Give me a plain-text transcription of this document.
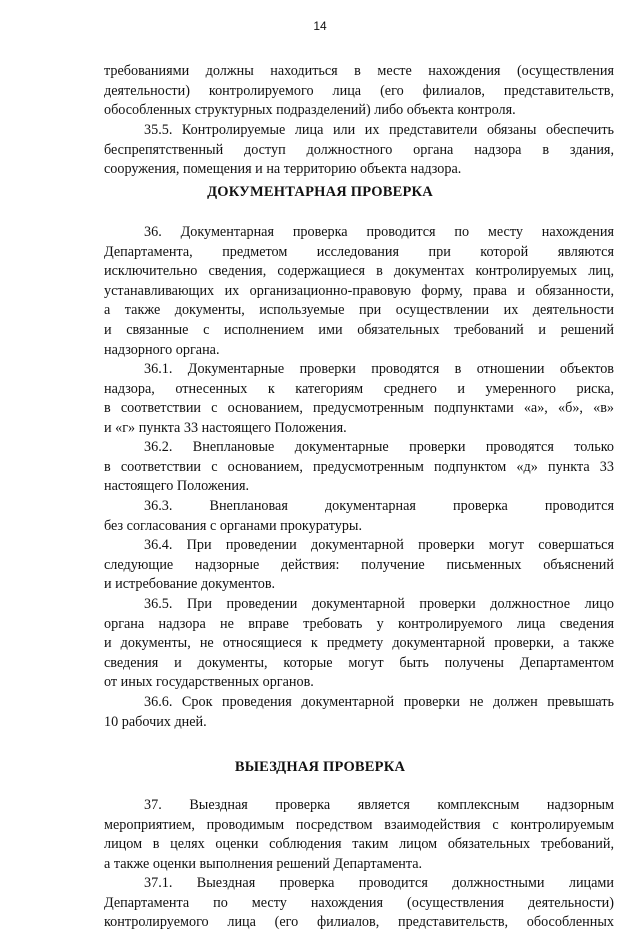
14
требованиями должны находиться в месте нахождения (осуществления
деятельности) контролируемого лица (его филиалов, представительств,
обособленных структурных подразделений) либо объекта контроля.
35.5. Контролируемые лица или их представители обязаны обеспечить
беспрепятственный доступ должностного органа надзора в здания,
сооружения, помещения и на территорию объекта надзора.
ДОКУМЕНТАРНАЯ ПРОВЕРКА
36. Документарная проверка проводится по месту нахождения
Департамента, предметом исследования при которой являются
исключительно сведения, содержащиеся в документах контролируемых лиц,
устанавливающих их организационно-правовую форму, права и обязанности,
а также документы, используемые при осуществлении их деятельности
и связанные с исполнением ими обязательных требований и решений
надзорного органа.
36.1. Документарные проверки проводятся в отношении объектов
надзора, отнесенных к категориям среднего и умеренного риска,
в соответствии с основанием, предусмотренным подпунктами «а», «б», «в»
и «г» пункта 33 настоящего Положения.
36.2. Внеплановые документарные проверки проводятся только
в соответствии с основанием, предусмотренным подпунктом «д» пункта 33
настоящего Положения.
36.3. Внеплановая документарная проверка проводится
без согласования с органами прокуратуры.
36.4. При проведении документарной проверки могут совершаться
следующие надзорные действия: получение письменных объяснений
и истребование документов.
36.5. При проведении документарной проверки должностное лицо
органа надзора не вправе требовать у контролируемого лица сведения
и документы, не относящиеся к предмету документарной проверки, а также
сведения и документы, которые могут быть получены Департаментом
от иных государственных органов.
36.6. Срок проведения документарной проверки не должен превышать
10 рабочих дней.
ВЫЕЗДНАЯ ПРОВЕРКА
37. Выездная проверка является комплексным надзорным
мероприятием, проводимым посредством взаимодействия с контролируемым
лицом в целях оценки соблюдения таким лицом обязательных требований,
а также оценки выполнения решений Департамента.
37.1. Выездная проверка проводится должностными лицами
Департамента по месту нахождения (осуществления деятельности)
контролируемого лица (его филиалов, представительств, обособленных
